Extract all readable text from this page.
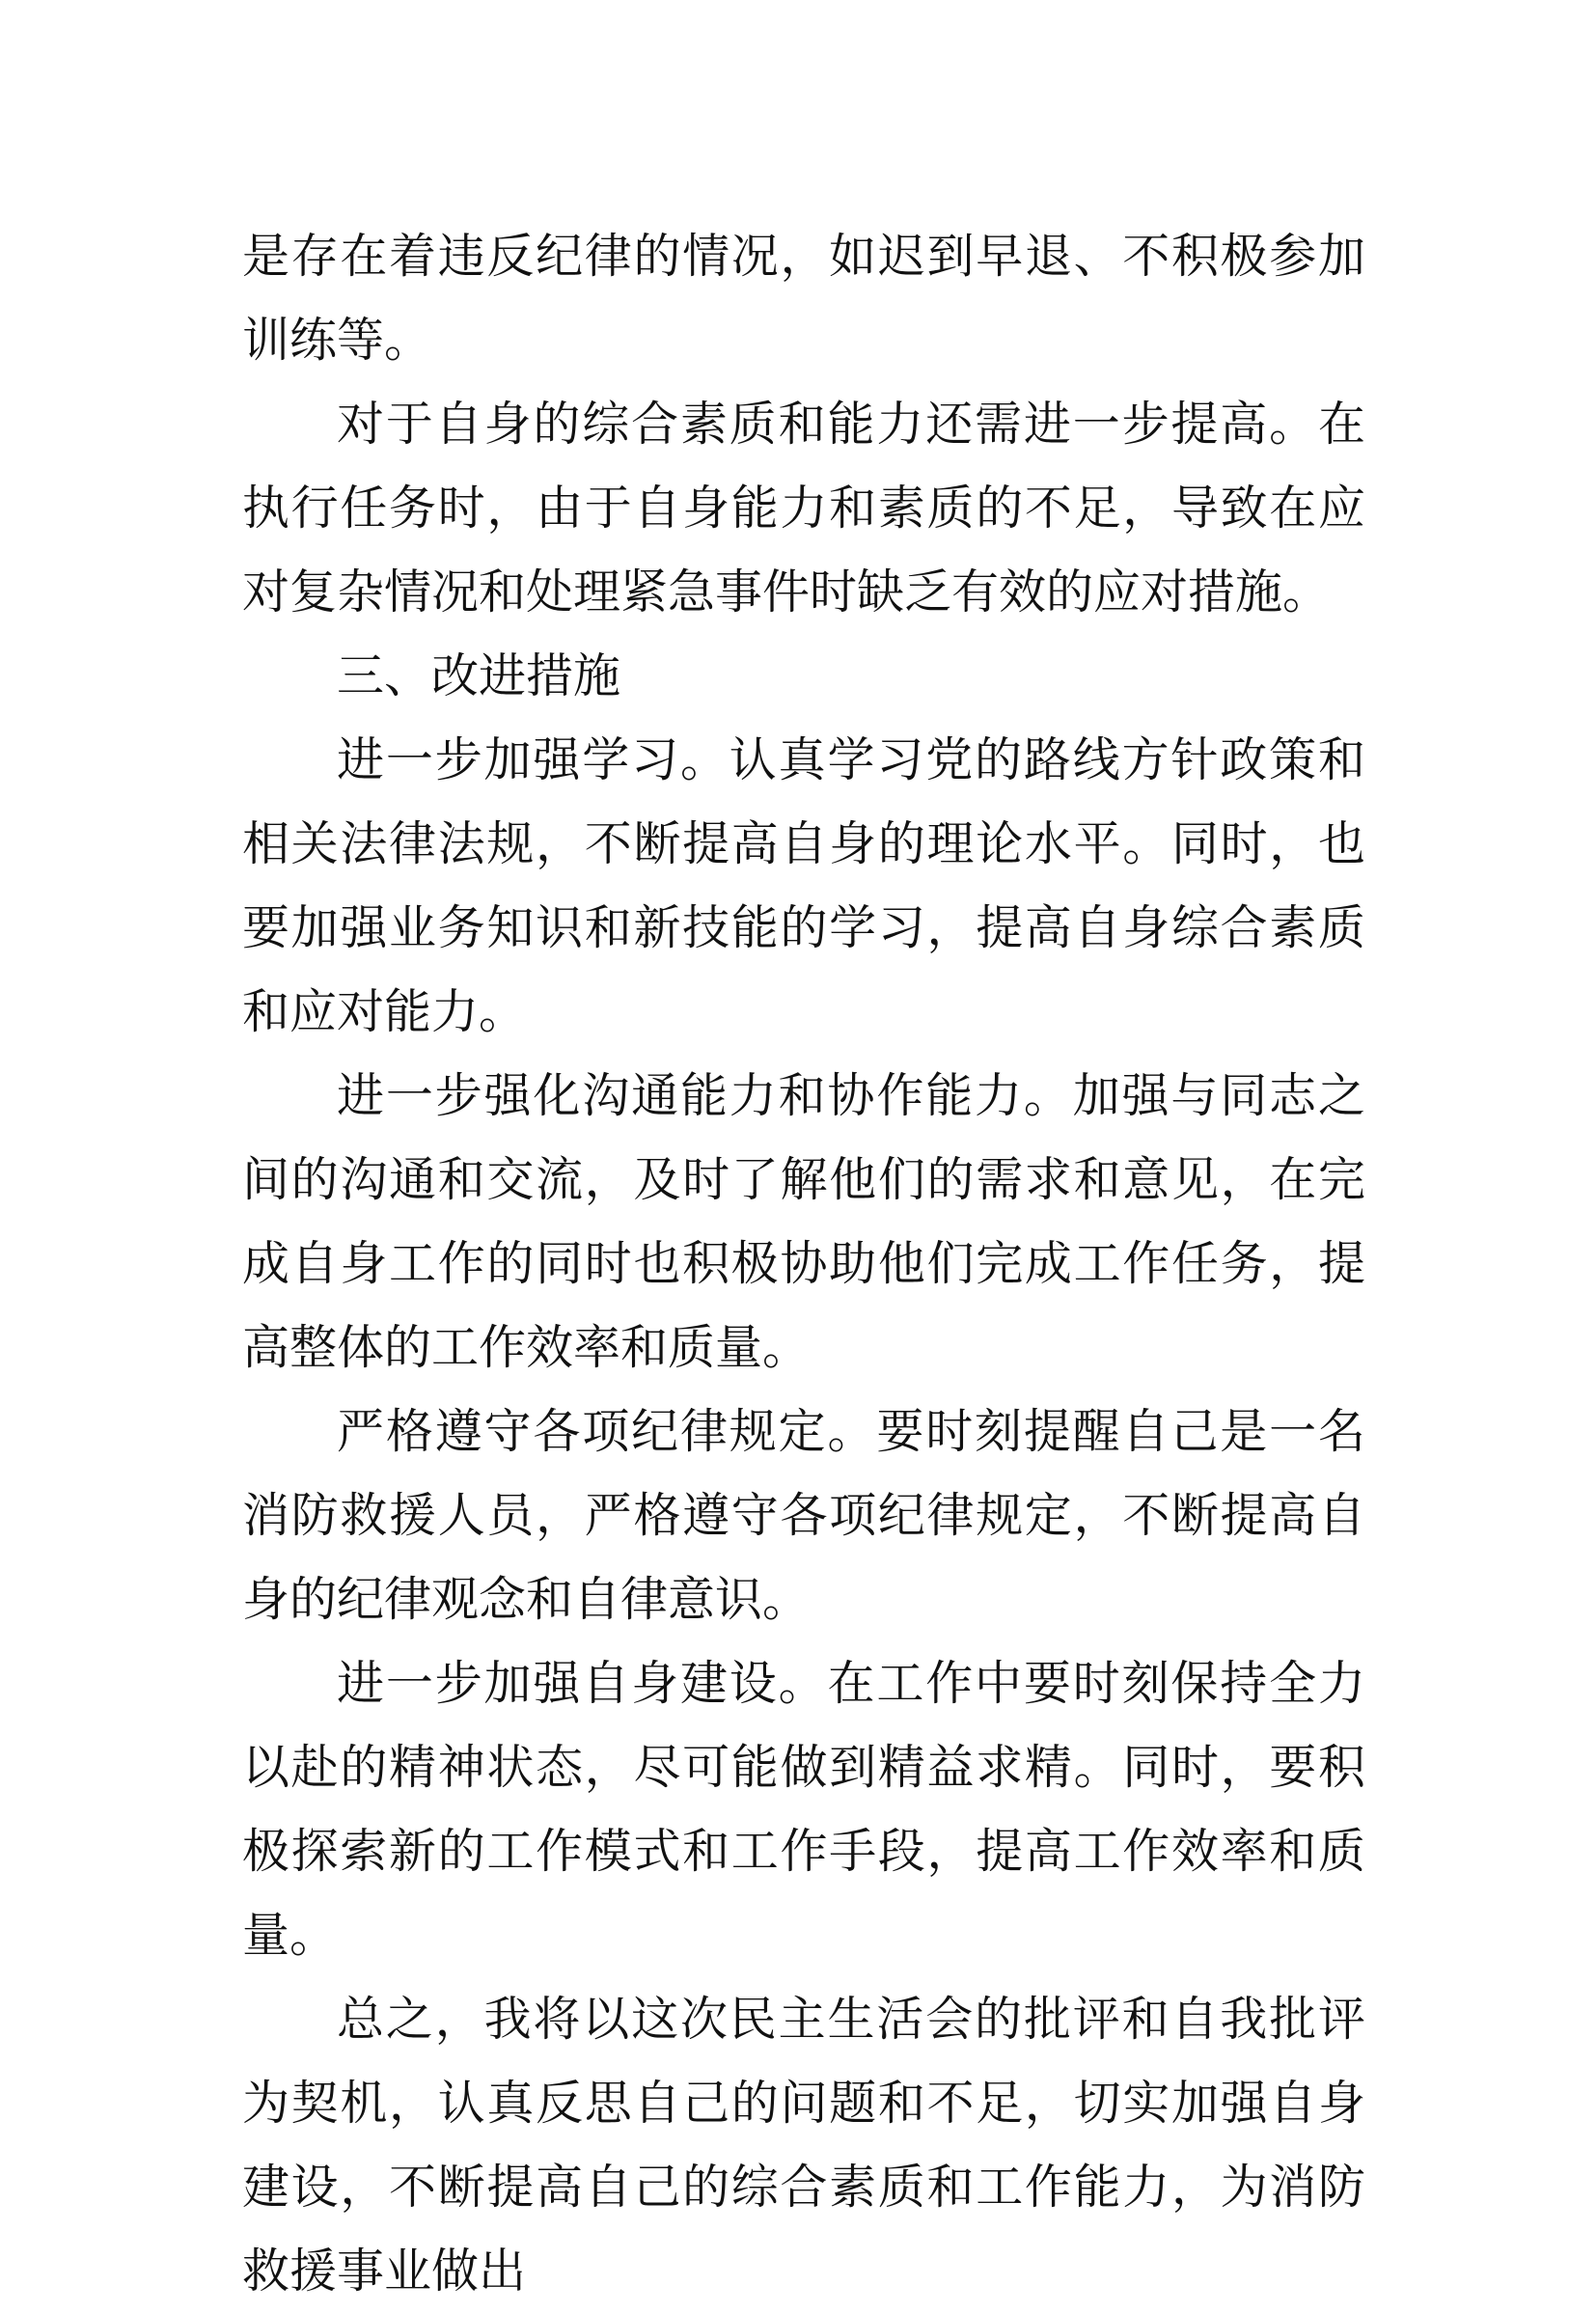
是存在着违反纪律的情况，如迟到早退、不积极参加训练等。

对于自身的综合素质和能力还需进一步提高。在执行任务时，由于自身能力和素质的不足，导致在应对复杂情况和处理紧急事件时缺乏有效的应对措施。

三、改进措施

进一步加强学习。认真学习党的路线方针政策和相关法律法规，不断提高自身的理论水平。同时，也要加强业务知识和新技能的学习，提高自身综合素质和应对能力。

进一步强化沟通能力和协作能力。加强与同志之间的沟通和交流，及时了解他们的需求和意见，在完成自身工作的同时也积极协助他们完成工作任务，提高整体的工作效率和质量。

严格遵守各项纪律规定。要时刻提醒自己是一名消防救援人员，严格遵守各项纪律规定，不断提高自身的纪律观念和自律意识。

进一步加强自身建设。在工作中要时刻保持全力以赴的精神状态，尽可能做到精益求精。同时，要积极探索新的工作模式和工作手段，提高工作效率和质量。

总之，我将以这次民主生活会的批评和自我批评为契机，认真反思自己的问题和不足，切实加强自身建设，不断提高自己的综合素质和工作能力，为消防救援事业做出
